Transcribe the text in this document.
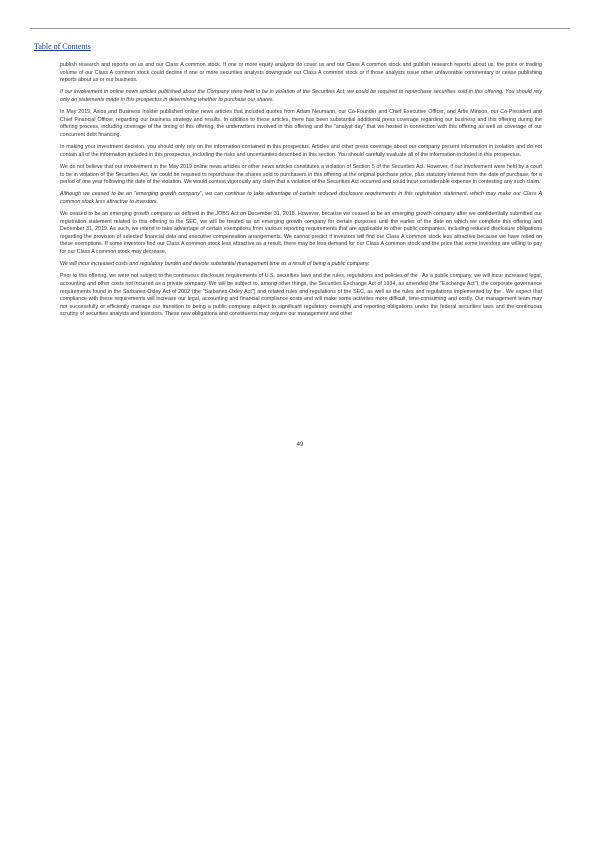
Table of Contents

publish research and reports on us and our Class A common stock. If one or more equity analysts do cover us and our Class A common stock and publish research reports about us, the price or trading volume of our Class A common stock could decline if one or more securities analysts downgrade our Class A common stock or if those analysts issue other unfavorable commentary or cease publishing reports about us or our business.

If our involvement in online news articles published about the Company were held to be in violation of the Securities Act, we could be required to repurchase securities sold in this offering. You should rely only on statements made in this prospectus in determining whether to purchase our shares.

In May 2019, Axios and Business Insider published online news articles that included quotes from Adam Neumann, our Co-Founder and Chief Executive Officer, and Artie Minson, our Co-President and Chief Financial Officer, regarding our business strategy and results. In addition to these articles, there has been substantial additional press coverage regarding our business and this offering during the offering process, including coverage of the timing of this offering, the underwriters involved in this offering and the "analyst day" that we hosted in connection with this offering as well as coverage of our concurrent debt financing.

In making your investment decision, you should only rely on the information contained in this prospectus. Articles and other press coverage about our company present information in isolation and do not contain all of the information included in this prospectus, including the risks and uncertainties described in this section. You should carefully evaluate all of the information included in this prospectus.

We do not believe that our involvement in the May 2019 online news articles or other news articles constitutes a violation of Section 5 of the Securities Act. However, if our involvement were held by a court to be in violation of the Securities Act, we could be required to repurchase the shares sold to purchasers in this offering at the original purchase price, plus statutory interest from the date of purchase, for a period of one year following the date of the violation. We would contest vigorously any claim that a violation of the Securities Act occurred and could incur considerable expense in contesting any such claim.

Although we ceased to be an "emerging growth company", we can continue to take advantage of certain reduced disclosure requirements in this registration statement, which may make our Class A common stock less attractive to investors.

We ceased to be an emerging growth company as defined in the JOBS Act on December 31, 2018. However, because we ceased to be an emerging growth company after we confidentially submitted our registration statement related to this offering to the SEC, we will be treated as an emerging growth company for certain purposes until the earlier of the date on which we complete this offering and December 31, 2019. As such, we intend to take advantage of certain exemptions from various reporting requirements that are applicable to other public companies, including reduced disclosure obligations regarding the provision of selected financial data and executive compensation arrangements. We cannot predict if investors will find our Class A common stock less attractive because we have relied on these exemptions. If some investors find our Class A common stock less attractive as a result, there may be less demand for our Class A common stock and the price that some investors are willing to pay for our Class A common stock may decrease.

We will incur increased costs and regulatory burden and devote substantial management time as a result of being a public company.

Prior to this offering, we were not subject to the continuous disclosure requirements of U.S. securities laws and the rules, regulations and policies of the . As a public company, we will incur increased legal, accounting and other costs not incurred as a private company. We will be subject to, among other things, the Securities Exchange Act of 1934, as amended (the "Exchange Act"), the corporate governance requirements found in the Sarbanes-Oxley Act of 2002 (the "Sarbanes-Oxley Act") and related rules and regulations of the SEC, as well as the rules and regulations implemented by the . We expect that compliance with these requirements will increase our legal, accounting and financial compliance costs and will make some activities more difficult, time-consuming and costly. Our management team may not successfully or efficiently manage our transition to being a public company subject to significant regulatory oversight and reporting obligations under the federal securities laws and the continuous scrutiny of securities analysts and investors. These new obligations and constituents may require our management and other

49
